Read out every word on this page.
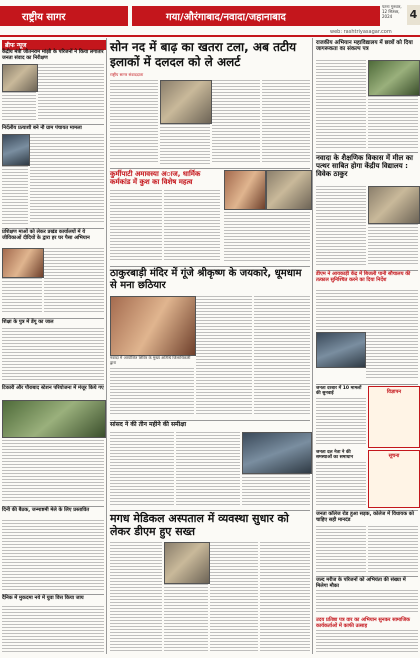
राष्ट्रीय सागर	गया/औरंगाबाद/नवादा/जहानाबाद
पटना गुरुवार, 12 सितंबर, 2024	4
web: rashtriyasagar.com
ब्रीफ न्यूज
केंद्रीय मंत्री जीतनराम मांझी के परिजनों ने किया लगातार जनता संवाद का निरीक्षण
निर्दलीय प्रत्याशी बने नौ ग्राम पंचायत मामला
प्रशिक्षण माओं को लेकर प्रखंड कार्यालयों में ये जीविकाओं दीदियों के द्वारा हर घर पैसा अभियान
शिक्षा के पुत्र में डेंगू का जाल
टिकारी और पौराबाद स्टेशन परियोजना में मंजूर किये गए
दिनी की बैठक, जन्माष्टमी मेले के लिए प्रस्तावित
दैनिक में मुकदमा नये में युवा वित्त किया जाय
सोन नद में बाढ़ का खतरा टला, अब तटीय इलाकों में दलदल को ले अलर्ट
राष्ट्रीय सागर संवाददाता
कुर्मीपाटी अमावस्या अाज, धार्मिक कर्मकांड में कुश का विशेष महत्व
ठाकुरबाड़ी मंदिर में गूंजे श्रीकृष्ण के जयकारे, धूमधाम से मना छठियार
नवादा में आयोजित शिविर के मुख्य अतिथि जिलाधिकारी द्वारा
सांसद ने की तीन महीने की समीक्षा
मगध मेडिकल अस्पताल में व्यवस्था सुधार को लेकर डीएम हुए सख्त
राजकीय अभियान महाविद्यालय में छात्रों को दिया जागरूकता का संकल्प पत्र
नवादा के शैक्षणिक विकास में मील का पत्थर साबित होगा केंद्रीय विद्यालय : विवेक ठाकुर
डीएम ने आयकाड़ी केंद्र में बिजली पानी सौचालय की तत्काल सुनिश्चित करने का दिया निर्देश
जनता दरबार में 10 मामलों की सुनवाई
जनता दल नेता ने की समस्याओं का समाधान
विज्ञापन
सूचना
जनता कॉलेज रोड हुआ सड़क, कोलेज में विधायक को चाहिए सही मानदंड
जल्द मरीज के परिजनों को अभियंता की संख्या में मिलेगा मौका
उदय प्रतिष्ठा पत्र वार का अभियान सुनकर सामाजिक कार्यकर्ताओं में काफी उत्साह
